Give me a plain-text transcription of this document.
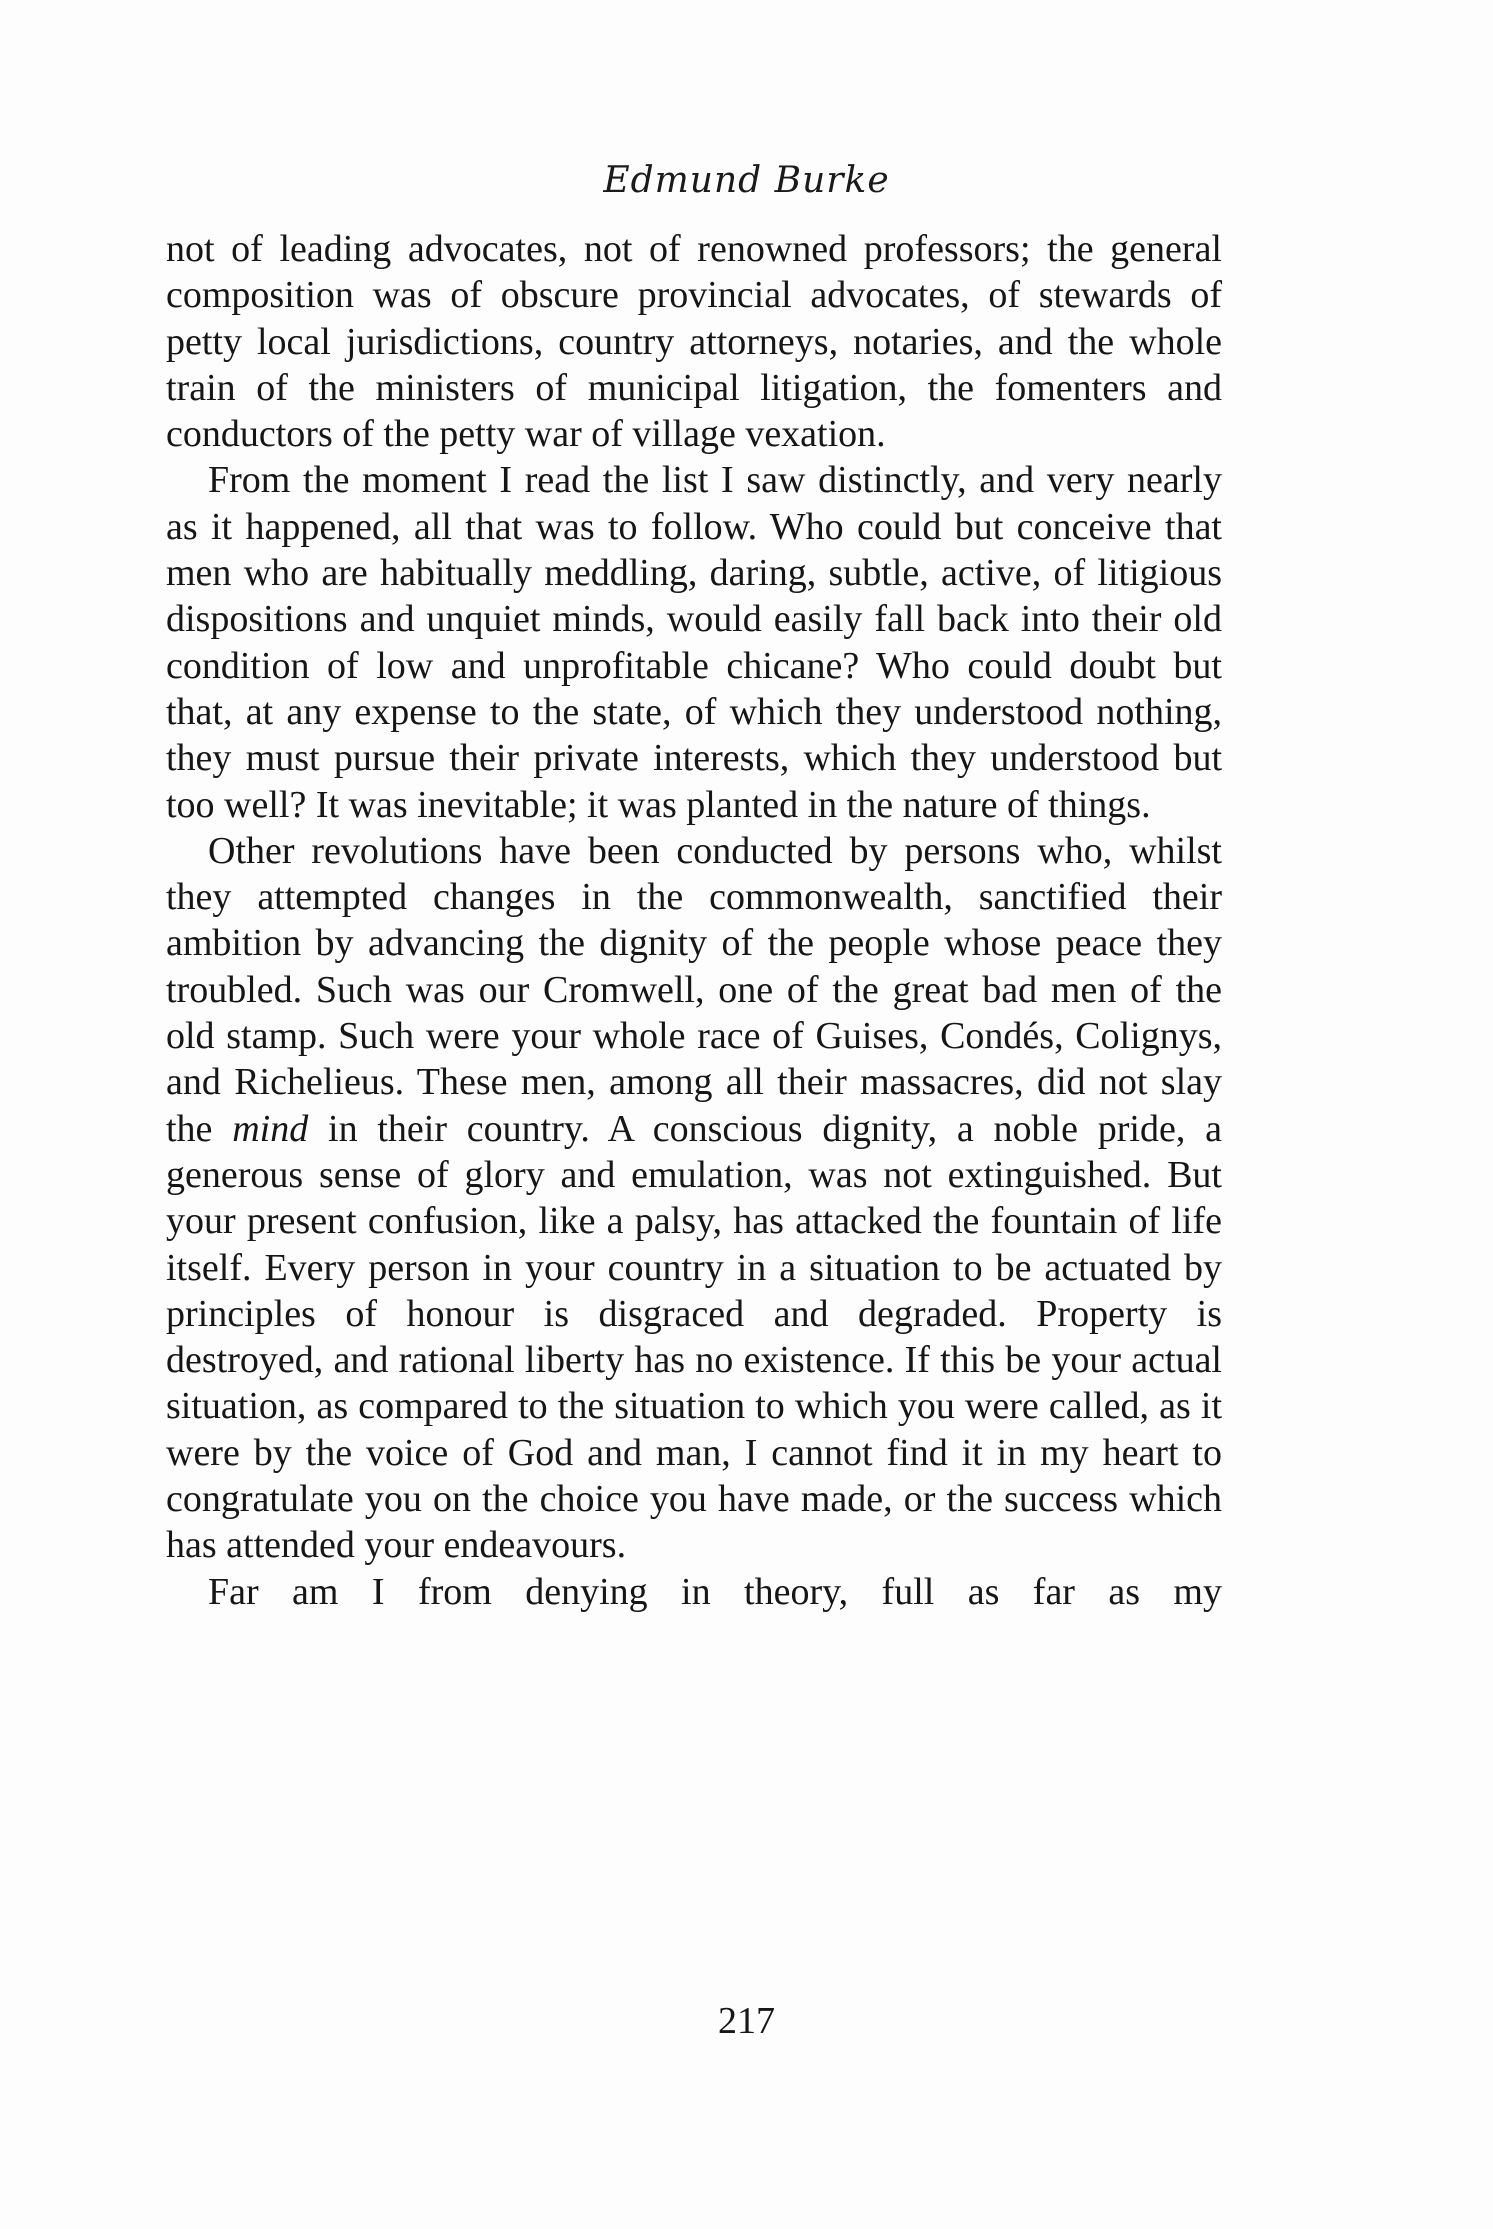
Edmund Burke

not of leading advocates, not of renowned professors; the general composition was of obscure provincial advocates, of stewards of petty local jurisdictions, country attorneys, notaries, and the whole train of the ministers of municipal litigation, the fomenters and conductors of the petty war of village vexation.

From the moment I read the list I saw distinctly, and very nearly as it happened, all that was to follow. Who could but conceive that men who are habitually meddling, daring, subtle, active, of litigious dispositions and unquiet minds, would easily fall back into their old condition of low and unprofitable chicane? Who could doubt but that, at any expense to the state, of which they understood nothing, they must pursue their private interests, which they understood but too well? It was inevitable; it was planted in the nature of things.

Other revolutions have been conducted by persons who, whilst they attempted changes in the commonwealth, sanctified their ambition by advancing the dignity of the people whose peace they troubled. Such was our Cromwell, one of the great bad men of the old stamp. Such were your whole race of Guises, Condés, Colignys, and Richelieus. These men, among all their massacres, did not slay the mind in their country. A conscious dignity, a noble pride, a generous sense of glory and emulation, was not extinguished. But your present confusion, like a palsy, has attacked the fountain of life itself. Every person in your country in a situation to be actuated by principles of honour is disgraced and degraded. Property is destroyed, and rational liberty has no existence. If this be your actual situation, as compared to the situation to which you were called, as it were by the voice of God and man, I cannot find it in my heart to congratulate you on the choice you have made, or the success which has attended your endeavours.

Far am I from denying in theory, full as far as my

217
